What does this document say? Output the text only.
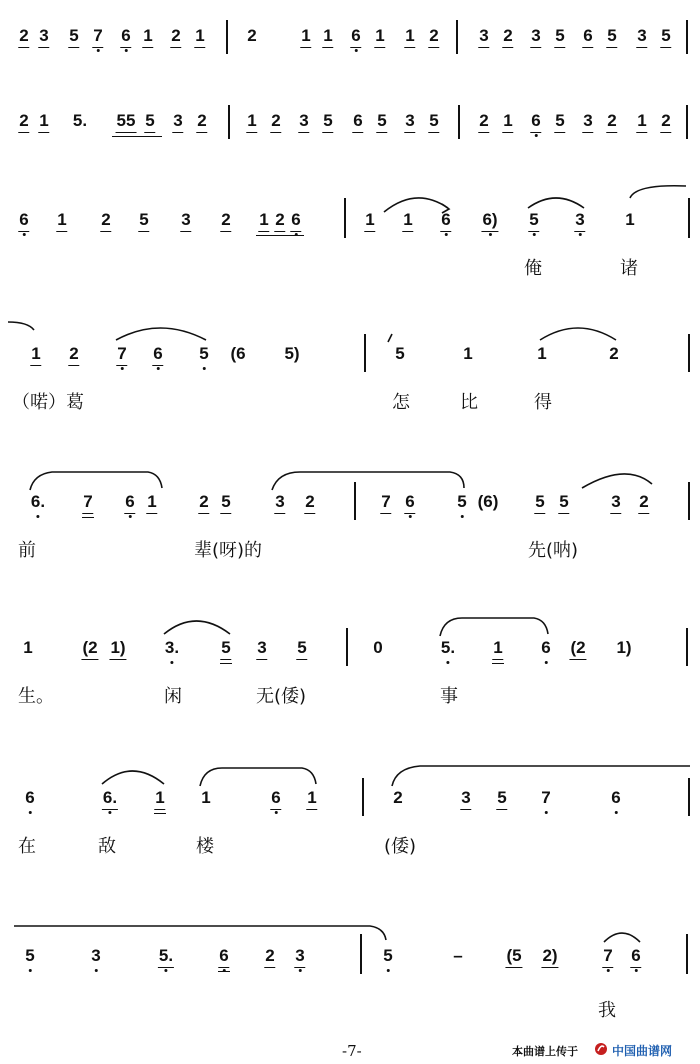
2 3 5 7 6 1 2 1	2	1 1 6 1 1 2 3 2 3 5 6 5 3 5
2 1 5. 55 5 3 2 1 2 3 5 6 5 3 5 2 1 6 5 3 2 1 2
6 1 2 5 3 2 1 2 6	1 1 6 6) 5 3 1
俺	诸
1 2 7 6 5 (6 5)	5	1	1	2
（喏）葛	怎	比	得
6. 7 6 1	2 5	3 2	7 6	5 (6) 5 5	3 2
前	辈(呀)的	先(呐)
1	(2 1) 3. 5 3 5	0	5. 1 6 (2 1)
生。	闲	无(倭)	事
6	6. 1 1	6 1	2	3 5 7	6
在	敌	楼	(倭)
5	3	5.	6 2 3	5	–	(5 2)	7 6
我
-7-	本曲谱上传于	中国曲谱网
